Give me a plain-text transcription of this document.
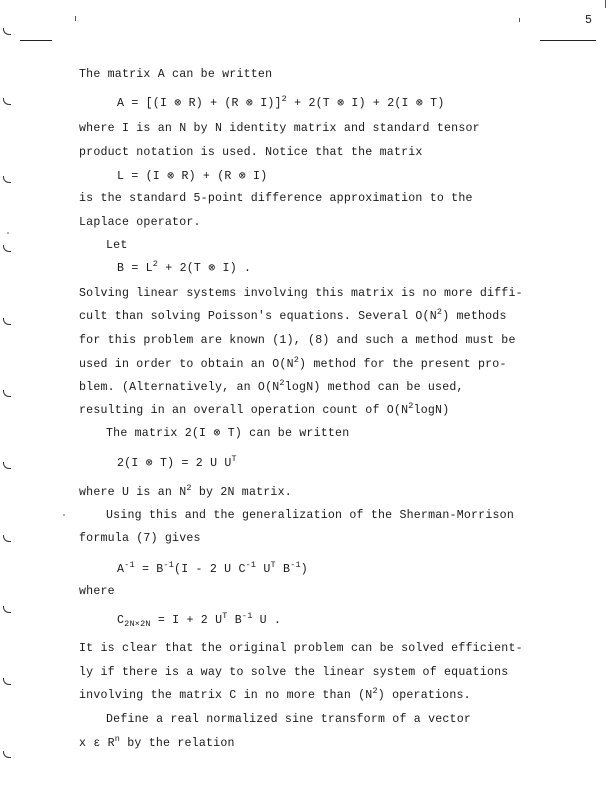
5
The matrix A can be written
A = [(I ⊗ R) + (R ⊗ I)]$^2$ + 2(T ⊗ I) + 2(I ⊗ T)
where I is an N by N identity matrix and standard tensor
product notation is used. Notice that the matrix
L = (I ⊗ R) + (R ⊗ I)
is the standard 5-point difference approximation to the
Laplace operator.
Let
$B = L^2 + 2(T$ ⊗ I) .
Solving linear systems involving this matrix is no more diffi-
cult than solving Poisson's equations. Several $O(N^2)$ methods
for this problem are known (1), (8) and such a method must be
used in order to obtain an $O(N^2)$ method for the present pro-
blem. (Alternatively, an $O(N^2\log N)$ method can be used,
resulting in an overall operation count of $O(N^2\log N)$
The matrix 2(I ⊗ T) can be written
2(I ⊗ T) = 2 U $U^T$
where U is an $N^2$ by 2N matrix.
Using this and the generalization of the Sherman-Morrison
formula (7) gives
$A^{-1} = B^{-1}(I - 2$ U $C^{-1}$ $U^T$ $B^{-1}$)
where
$C_{2N\times 2N} = I + 2$ $U^T$ $B^{-1}$ U .
It is clear that the original problem can be solved efficient-
ly if there is a way to solve the linear system of equations
involving the matrix C in no more than $(N^2)$ operations.
Define a real normalized sine transform of a vector
x ε $R^n$ by the relation
